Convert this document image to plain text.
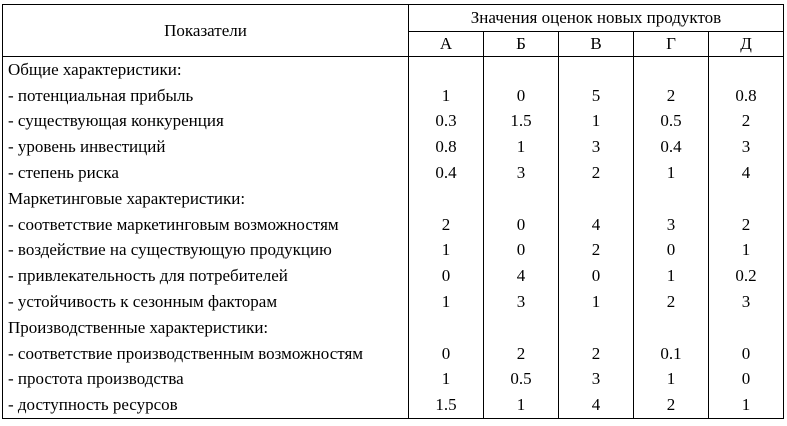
Показатели	Значения оценок новых продуктов				
	А	Б	В	Г	Д
Общие характеристики:					
- потенциальная прибыль	1	0	5	2	0.8
- существующая конкуренция	0.3	1.5	1	0.5	2
- уровень инвестиций	0.8	1	3	0.4	3
- степень риска	0.4	3	2	1	4
Маркетинговые характеристики:					
- соответствие маркетинговым возможностям	2	0	4	3	2
- воздействие на существующую продукцию	1	0	2	0	1
- привлекательность для потребителей	0	4	0	1	0.2
- устойчивость к сезонным факторам	1	3	1	2	3
Производственные характеристики:					
- соответствие производственным возможностям	0	2	2	0.1	0
- простота производства	1	0.5	3	1	0
- доступность ресурсов	1.5	1	4	2	1
